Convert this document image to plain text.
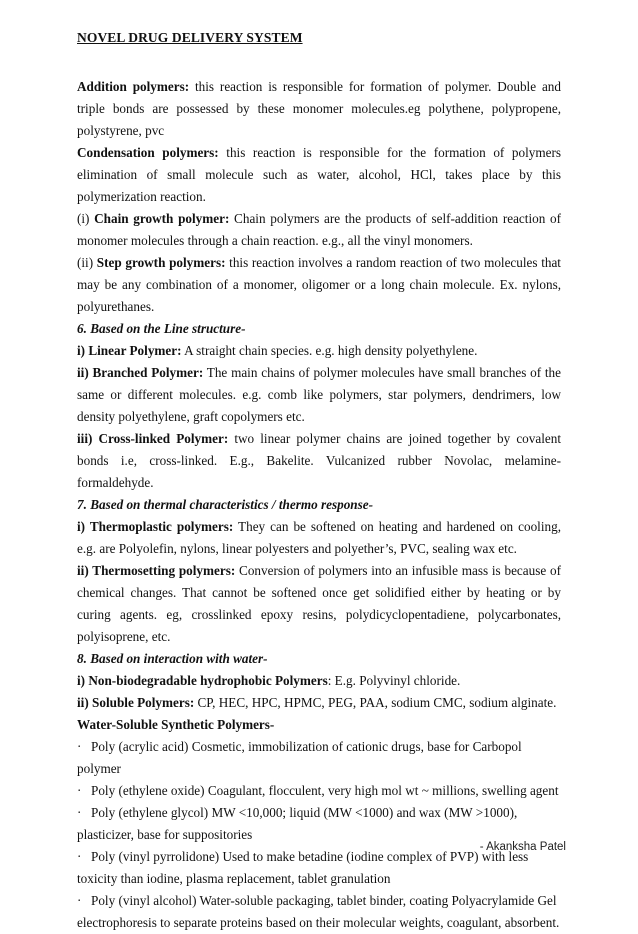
NOVEL DRUG DELIVERY SYSTEM

Addition polymers: this reaction is responsible for formation of polymer. Double and triple bonds are possessed by these monomer molecules.eg polythene, polypropene, polystyrene, pvc

Condensation polymers: this reaction is responsible for the formation of polymers elimination of small molecule such as water, alcohol, HCl, takes place by this polymerization reaction.

(i) Chain growth polymer: Chain polymers are the products of self-addition reaction of monomer molecules through a chain reaction. e.g., all the vinyl monomers.

(ii) Step growth polymers: this reaction involves a random reaction of two molecules that may be any combination of a monomer, oligomer or a long chain molecule. Ex. nylons, polyurethanes.

6. Based on the Line structure-

i) Linear Polymer: A straight chain species. e.g. high density polyethylene.

ii) Branched Polymer: The main chains of polymer molecules have small branches of the same or different molecules. e.g. comb like polymers, star polymers, dendrimers, low density polyethylene, graft copolymers etc.

iii) Cross-linked Polymer: two linear polymer chains are joined together by covalent bonds i.e, cross-linked. E.g., Bakelite. Vulcanized rubber Novolac, melamine-formaldehyde.

7. Based on thermal characteristics / thermo response-

i) Thermoplastic polymers: They can be softened on heating and hardened on cooling, e.g. are Polyolefin, nylons, linear polyesters and polyether’s, PVC, sealing wax etc.

ii) Thermosetting polymers: Conversion of polymers into an infusible mass is because of chemical changes. That cannot be softened once get solidified either by heating or by curing agents. eg, crosslinked epoxy resins, polydicyclopentadiene, polycarbonates, polyisoprene, etc.

8. Based on interaction with water-

i) Non-biodegradable hydrophobic Polymers: E.g. Polyvinyl chloride.

ii) Soluble Polymers: CP, HEC, HPC, HPMC, PEG, PAA, sodium CMC, sodium alginate.

Water-Soluble Synthetic Polymers-

· Poly (acrylic acid) Cosmetic, immobilization of cationic drugs, base for Carbopol polymer

· Poly (ethylene oxide) Coagulant, flocculent, very high mol wt ~ millions, swelling agent

· Poly (ethylene glycol) MW <10,000; liquid (MW <1000) and wax (MW >1000), plasticizer, base for suppositories

· Poly (vinyl pyrrolidone) Used to make betadine (iodine complex of PVP) with less toxicity than iodine, plasma replacement, tablet granulation

· Poly (vinyl alcohol) Water-soluble packaging, tablet binder, coating Polyacrylamide Gel electrophoresis to separate proteins based on their molecular weights, coagulant, absorbent.

- Akanksha Patel
